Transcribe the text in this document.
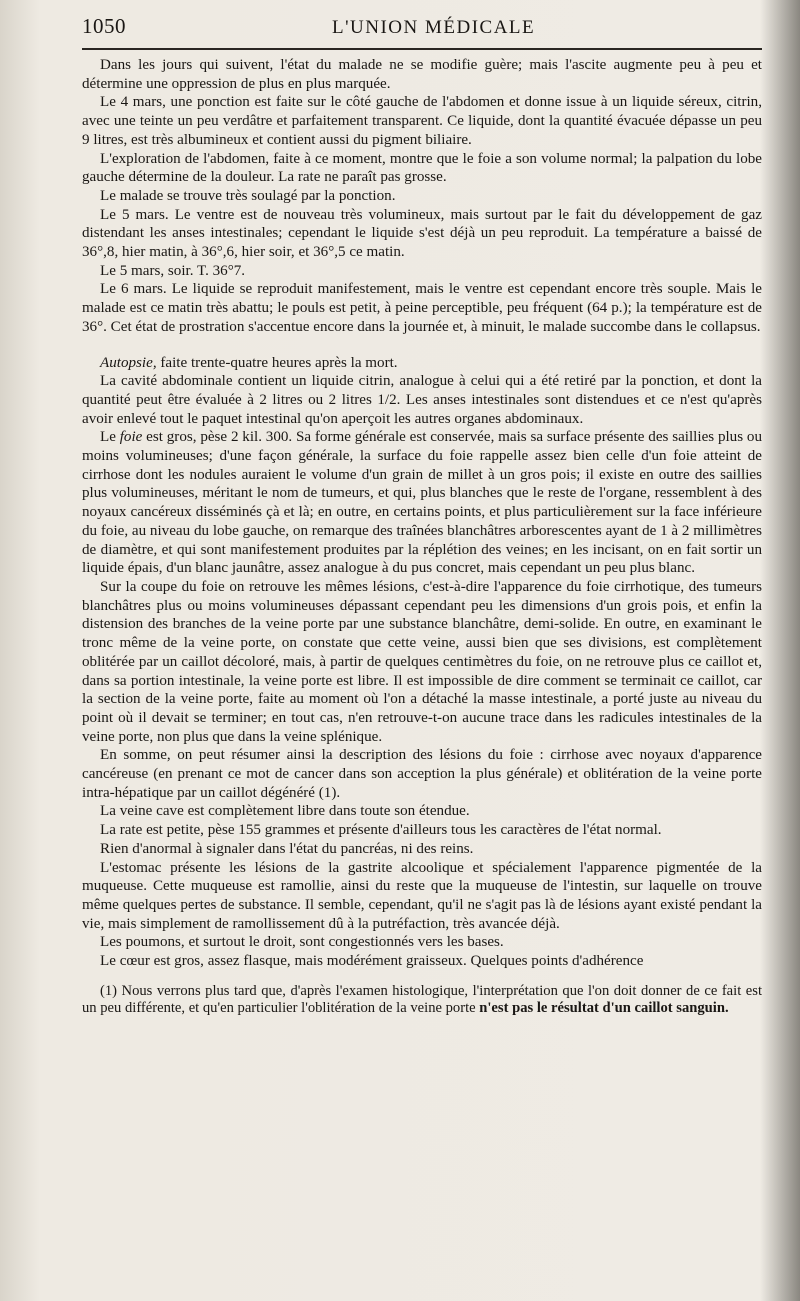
1050	L'UNION MÉDICALE

Dans les jours qui suivent, l'état du malade ne se modifie guère; mais l'ascite augmente peu à peu et détermine une oppression de plus en plus marquée.

Le 4 mars, une ponction est faite sur le côté gauche de l'abdomen et donne issue à un liquide séreux, citrin, avec une teinte un peu verdâtre et parfaitement transparent. Ce liquide, dont la quantité évacuée dépasse un peu 9 litres, est très albumineux et contient aussi du pigment biliaire.

L'exploration de l'abdomen, faite à ce moment, montre que le foie a son volume normal; la palpation du lobe gauche détermine de la douleur. La rate ne paraît pas grosse.

Le malade se trouve très soulagé par la ponction.

Le 5 mars. Le ventre est de nouveau très volumineux, mais surtout par le fait du développement de gaz distendant les anses intestinales; cependant le liquide s'est déjà un peu reproduit. La température a baissé de 36°,8, hier matin, à 36°,6, hier soir, et 36°,5 ce matin.

Le 5 mars, soir. T. 36°7.

Le 6 mars. Le liquide se reproduit manifestement, mais le ventre est cependant encore très souple. Mais le malade est ce matin très abattu; le pouls est petit, à peine perceptible, peu fréquent (64 p.); la température est de 36°. Cet état de prostration s'accentue encore dans la journée et, à minuit, le malade succombe dans le collapsus.

Autopsie, faite trente-quatre heures après la mort.

La cavité abdominale contient un liquide citrin, analogue à celui qui a été retiré par la ponction, et dont la quantité peut être évaluée à 2 litres ou 2 litres 1/2. Les anses intestinales sont distendues et ce n'est qu'après avoir enlevé tout le paquet intestinal qu'on aperçoit les autres organes abdominaux.

Le foie est gros, pèse 2 kil. 300. Sa forme générale est conservée, mais sa surface présente des saillies plus ou moins volumineuses; d'une façon générale, la surface du foie rappelle assez bien celle d'un foie atteint de cirrhose dont les nodules auraient le volume d'un grain de millet à un gros pois; il existe en outre des saillies plus volumineuses, méritant le nom de tumeurs, et qui, plus blanches que le reste de l'organe, ressemblent à des noyaux cancéreux disséminés çà et là; en outre, en certains points, et plus particulièrement sur la face inférieure du foie, au niveau du lobe gauche, on remarque des traînées blanchâtres arborescentes ayant de 1 à 2 millimètres de diamètre, et qui sont manifestement produites par la réplétion des veines; en les incisant, on en fait sortir un liquide épais, d'un blanc jaunâtre, assez analogue à du pus concret, mais cependant un peu plus blanc.

Sur la coupe du foie on retrouve les mêmes lésions, c'est-à-dire l'apparence du foie cirrhotique, des tumeurs blanchâtres plus ou moins volumineuses dépassant cependant peu les dimensions d'un grois pois, et enfin la distension des branches de la veine porte par une substance blanchâtre, demi-solide. En outre, en examinant le tronc même de la veine porte, on constate que cette veine, aussi bien que ses divisions, est complètement oblitérée par un caillot décoloré, mais, à partir de quelques centimètres du foie, on ne retrouve plus ce caillot et, dans sa portion intestinale, la veine porte est libre. Il est impossible de dire comment se terminait ce caillot, car la section de la veine porte, faite au moment où l'on a détaché la masse intestinale, a porté juste au niveau du point où il devait se terminer; en tout cas, n'en retrouve-t-on aucune trace dans les radicules intestinales de la veine porte, non plus que dans la veine splénique.

En somme, on peut résumer ainsi la description des lésions du foie : cirrhose avec noyaux d'apparence cancéreuse (en prenant ce mot de cancer dans son acception la plus générale) et oblitération de la veine porte intra-hépatique par un caillot dégénéré (1).

La veine cave est complètement libre dans toute son étendue.

La rate est petite, pèse 155 grammes et présente d'ailleurs tous les caractères de l'état normal.

Rien d'anormal à signaler dans l'état du pancréas, ni des reins.

L'estomac présente les lésions de la gastrite alcoolique et spécialement l'apparence pigmentée de la muqueuse. Cette muqueuse est ramollie, ainsi du reste que la muqueuse de l'intestin, sur laquelle on trouve même quelques pertes de substance. Il semble, cependant, qu'il ne s'agit pas là de lésions ayant existé pendant la vie, mais simplement de ramollissement dû à la putréfaction, très avancée déjà.

Les poumons, et surtout le droit, sont congestionnés vers les bases.

Le cœur est gros, assez flasque, mais modérément graisseux. Quelques points d'adhérence

(1) Nous verrons plus tard que, d'après l'examen histologique, l'interprétation que l'on doit donner de ce fait est un peu différente, et qu'en particulier l'oblitération de la veine porte n'est pas le résultat d'un caillot sanguin.
